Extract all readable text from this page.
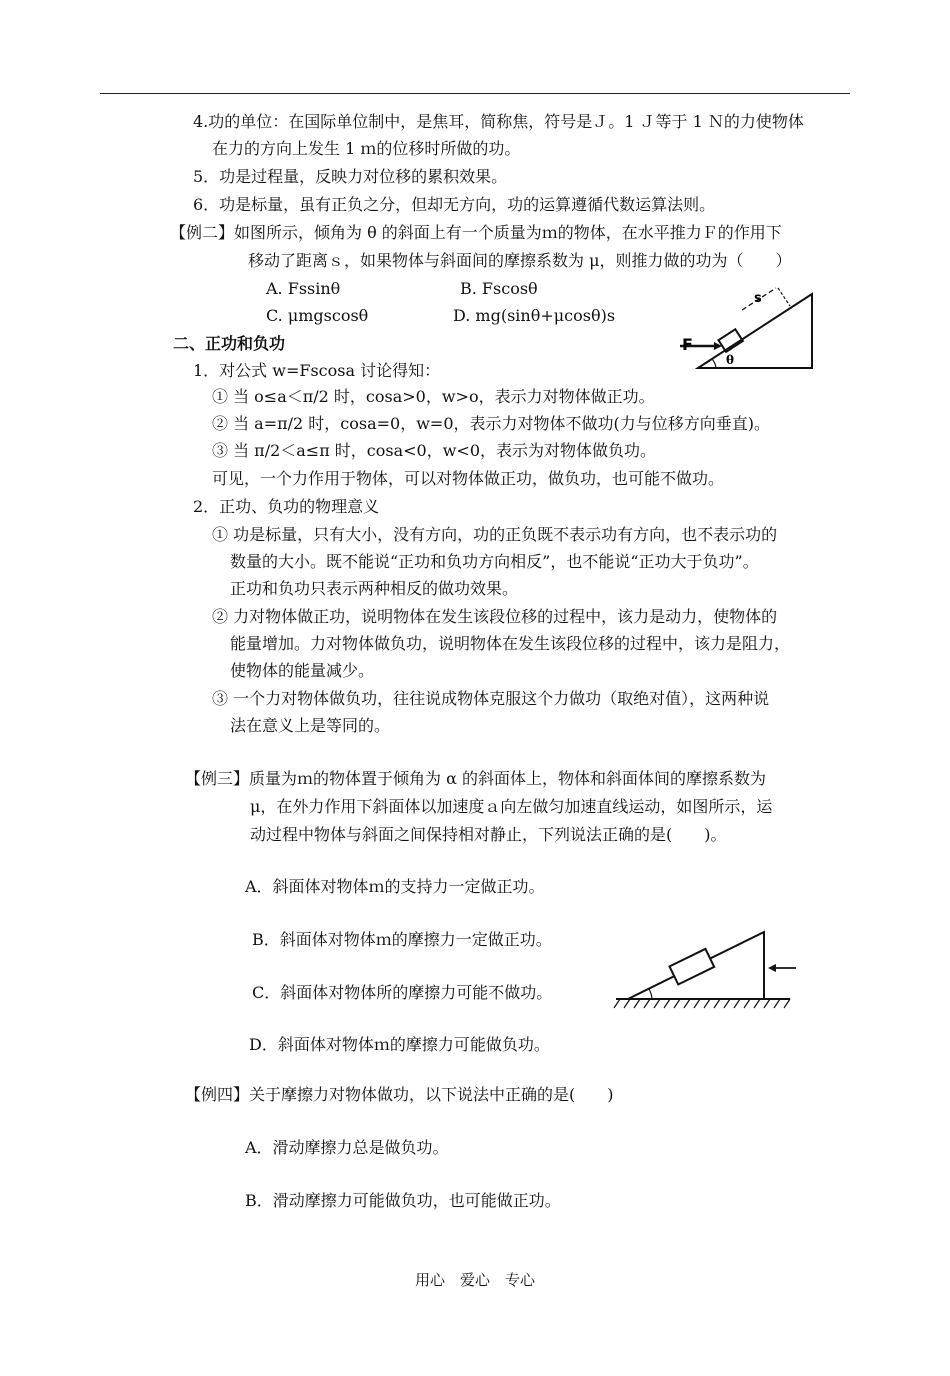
4.功的单位：在国际单位制中，是焦耳，简称焦，符号是Ｊ。1 Ｊ等于 1 Ｎ的力使物体
在力的方向上发生 1 ｍ的位移时所做的功。
5．功是过程量，反映力对位移的累积效果。
6．功是标量，虽有正负之分，但却无方向，功的运算遵循代数运算法则。
【例二】如图所示，倾角为 θ 的斜面上有一个质量为ｍ的物体，在水平推力Ｆ的作用下
移动了距离ｓ，如果物体与斜面间的摩擦系数为 μ，则推力做的功为（　　）
A. Fssinθ	B. Fscosθ
C. μmgscosθ	D. mg(sinθ+μcosθ)s
F
θ
s
二、正功和负功
1．对公式 w=Fscosa 讨论得知：
① 当 o≤a＜π/2 时，cosa>0，w>o，表示力对物体做正功。
② 当 a=π/2 时，cosa=0，w=0，表示力对物体不做功(力与位移方向垂直)。
③ 当 π/2＜a≤π 时，cosa<0，w<0，表示为对物体做负功。
可见，一个力作用于物体，可以对物体做正功，做负功，也可能不做功。
2．正功、负功的物理意义
① 功是标量，只有大小，没有方向，功的正负既不表示功有方向，也不表示功的
数量的大小。既不能说“正功和负功方向相反”，也不能说“正功大于负功”。
正功和负功只表示两种相反的做功效果。
② 力对物体做正功，说明物体在发生该段位移的过程中，该力是动力，使物体的
能量增加。力对物体做负功，说明物体在发生该段位移的过程中，该力是阻力，
使物体的能量减少。
③ 一个力对物体做负功，往往说成物体克服这个力做功（取绝对值），这两种说
法在意义上是等同的。
【例三】质量为ｍ的物体置于倾角为 α 的斜面体上，物体和斜面体间的摩擦系数为
μ，在外力作用下斜面体以加速度ａ向左做匀加速直线运动，如图所示，运
动过程中物体与斜面之间保持相对静止，下列说法正确的是(　　)。
A．斜面体对物体ｍ的支持力一定做正功。
B．斜面体对物体ｍ的摩擦力一定做正功。
C．斜面体对物体所的摩擦力可能不做功。
D．斜面体对物体ｍ的摩擦力可能做负功。
【例四】关于摩擦力对物体做功，以下说法中正确的是(　　)
A．滑动摩擦力总是做负功。
B．滑动摩擦力可能做负功，也可能做正功。
用心　爱心　专心
